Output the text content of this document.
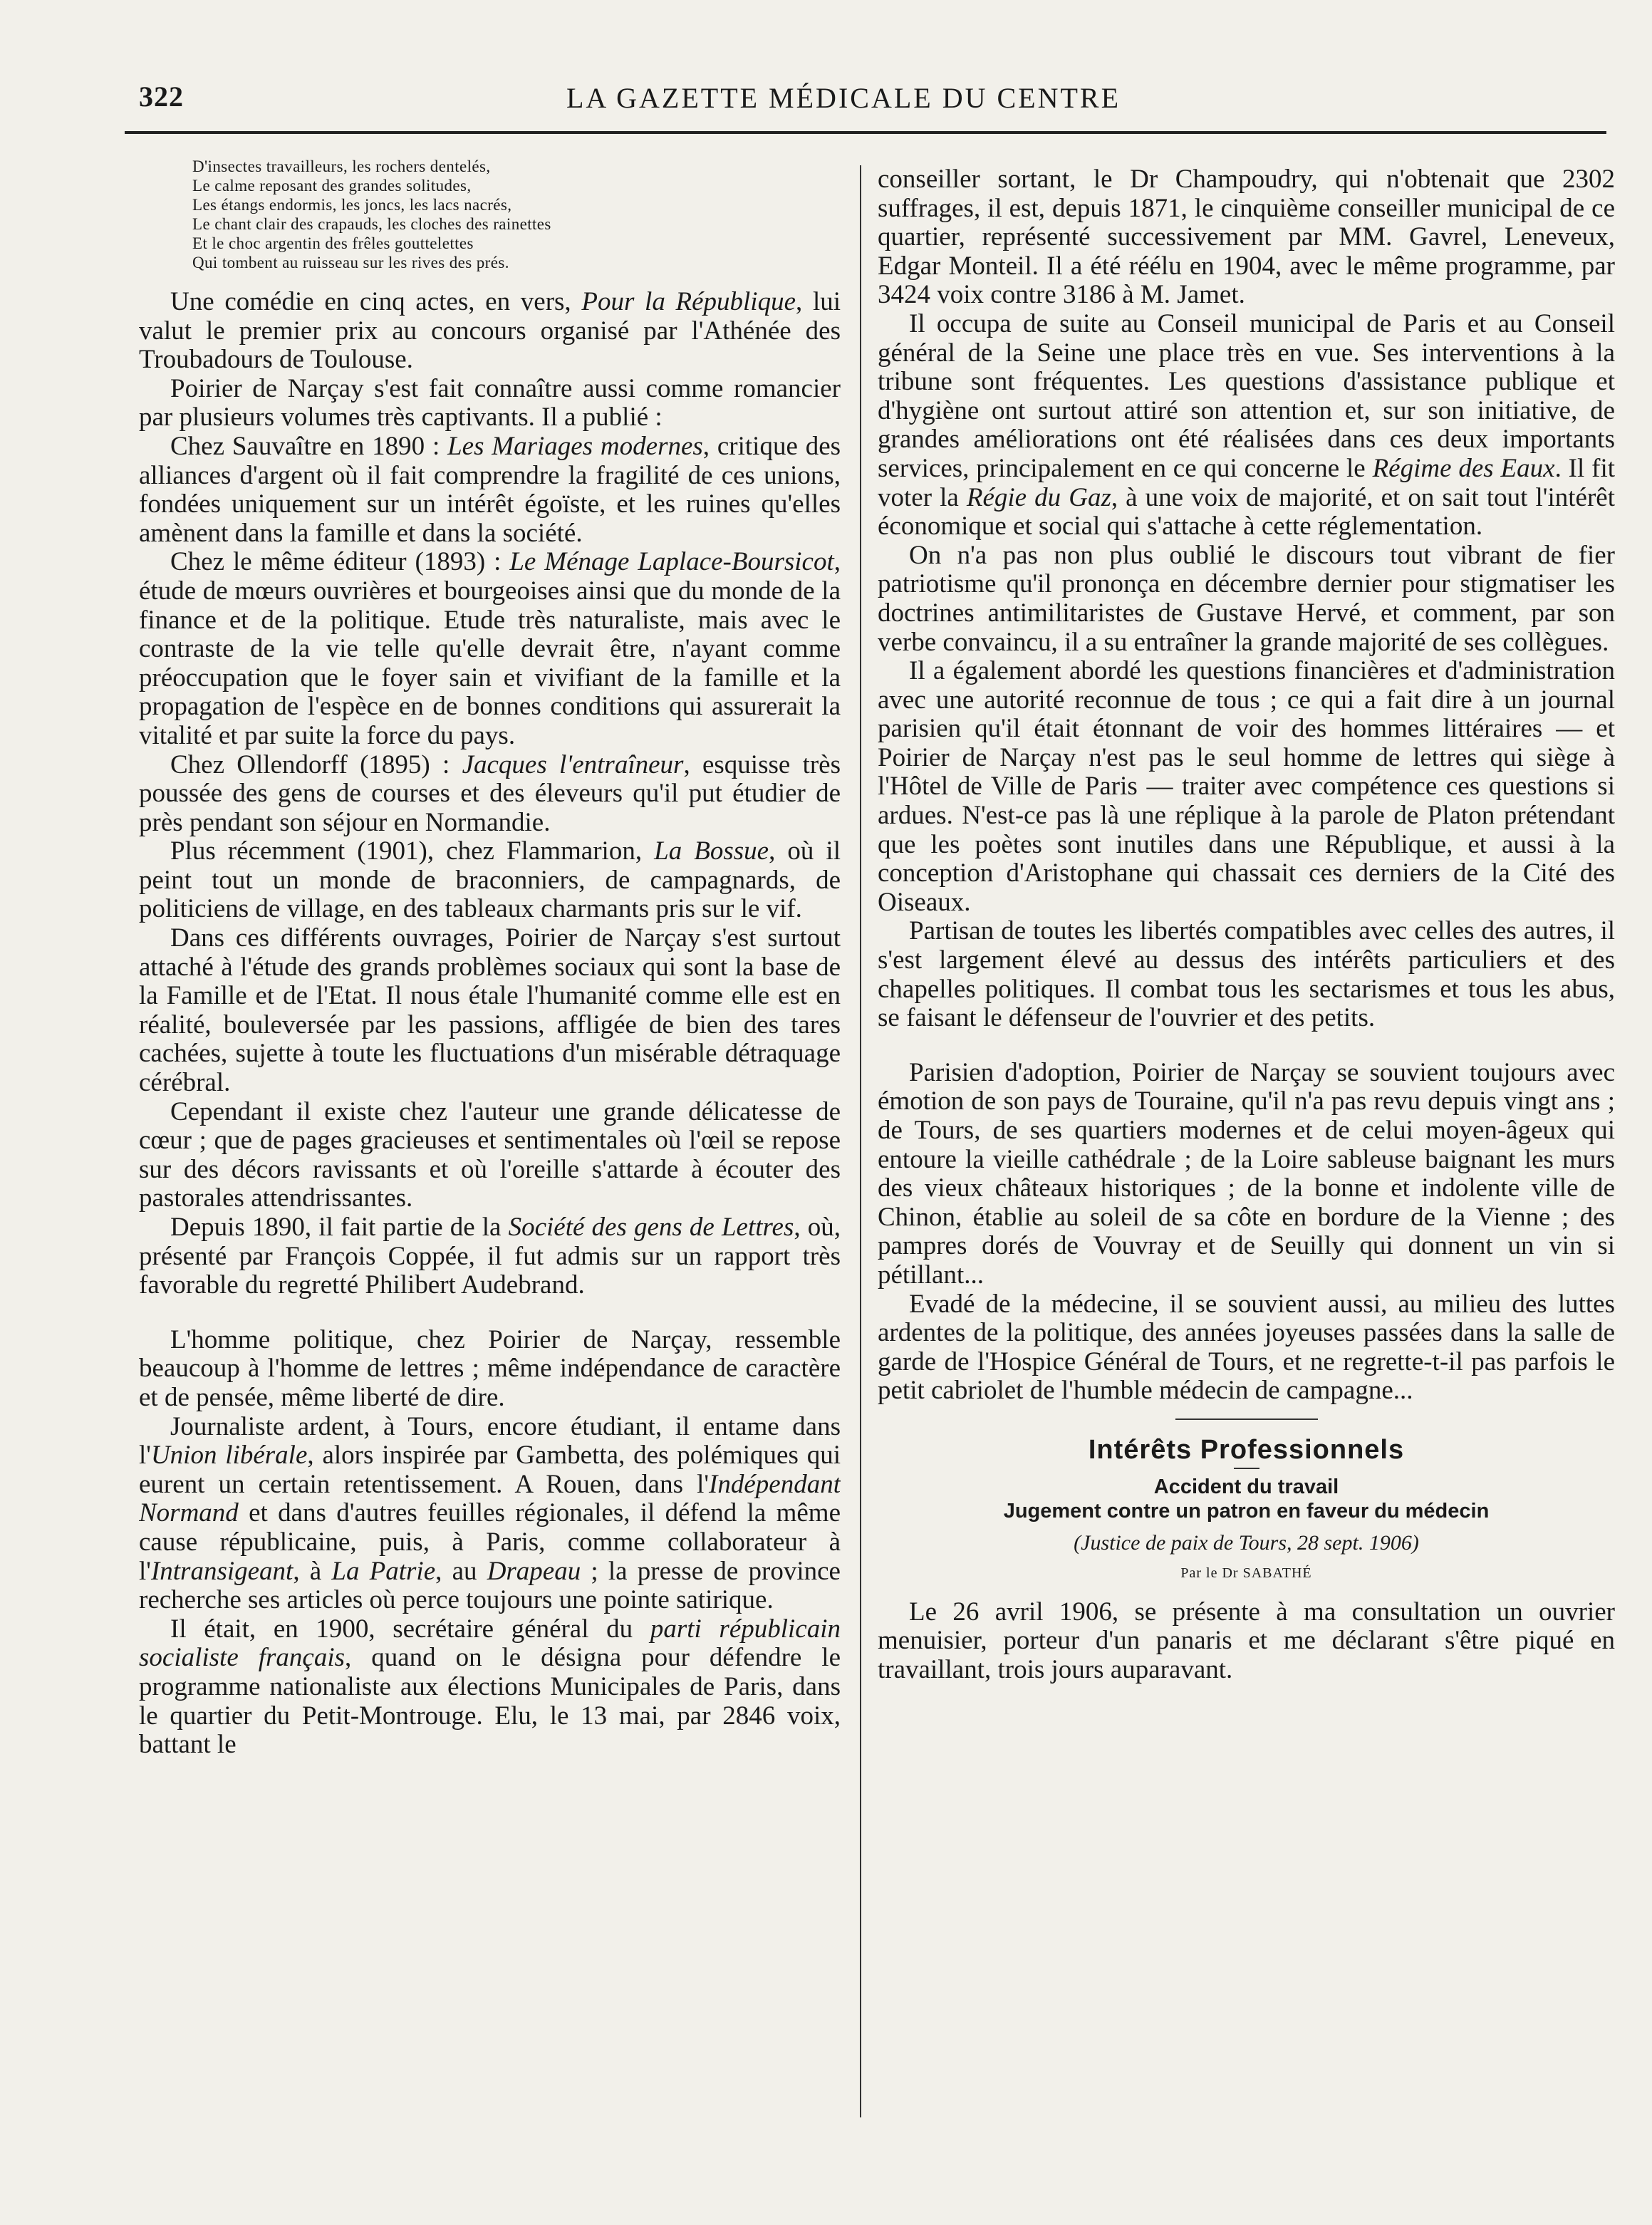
322	LA GAZETTE MÉDICALE DU CENTRE
D'insectes travailleurs, les rochers dentelés,
Le calme reposant des grandes solitudes,
Les étangs endormis, les joncs, les lacs nacrés,
Le chant clair des crapauds, les cloches des rainettes
Et le choc argentin des frêles gouttelettes
Qui tombent au ruisseau sur les rives des prés.

Une comédie en cinq actes, en vers, Pour la République, lui valut le premier prix au concours organisé par l'Athénée des Troubadours de Toulouse.

Poirier de Narçay s'est fait connaître aussi comme romancier par plusieurs volumes très captivants. Il a publié :

Chez Sauvaître en 1890 : Les Mariages modernes, critique des alliances d'argent où il fait comprendre la fragilité de ces unions, fondées uniquement sur un intérêt égoïste, et les ruines qu'elles amènent dans la famille et dans la société.

Chez le même éditeur (1893) : Le Ménage Laplace-Boursicot, étude de mœurs ouvrières et bourgeoises ainsi que du monde de la finance et de la politique. Etude très naturaliste, mais avec le contraste de la vie telle qu'elle devrait être, n'ayant comme préoccupation que le foyer sain et vivifiant de la famille et la propagation de l'espèce en de bonnes conditions qui assurerait la vitalité et par suite la force du pays.

Chez Ollendorff (1895) : Jacques l'entraîneur, esquisse très poussée des gens de courses et des éleveurs qu'il put étudier de près pendant son séjour en Normandie.

Plus récemment (1901), chez Flammarion, La Bossue, où il peint tout un monde de braconniers, de campagnards, de politiciens de village, en des tableaux charmants pris sur le vif.

Dans ces différents ouvrages, Poirier de Narçay s'est surtout attaché à l'étude des grands problèmes sociaux qui sont la base de la Famille et de l'Etat. Il nous étale l'humanité comme elle est en réalité, bouleversée par les passions, affligée de bien des tares cachées, sujette à toute les fluctuations d'un misérable détraquage cérébral.

Cependant il existe chez l'auteur une grande délicatesse de cœur ; que de pages gracieuses et sentimentales où l'œil se repose sur des décors ravissants et où l'oreille s'attarde à écouter des pastorales attendrissantes.

Depuis 1890, il fait partie de la Société des gens de Lettres, où, présenté par François Coppée, il fut admis sur un rapport très favorable du regretté Philibert Audebrand.

L'homme politique, chez Poirier de Narçay, ressemble beaucoup à l'homme de lettres ; même indépendance de caractère et de pensée, même liberté de dire.

Journaliste ardent, à Tours, encore étudiant, il entame dans l'Union libérale, alors inspirée par Gambetta, des polémiques qui eurent un certain retentissement. A Rouen, dans l'Indépendant Normand et dans d'autres feuilles régionales, il défend la même cause républicaine, puis, à Paris, comme collaborateur à l'Intransigeant, à La Patrie, au Drapeau ; la presse de province recherche ses articles où perce toujours une pointe satirique.

Il était, en 1900, secrétaire général du parti républicain socialiste français, quand on le désigna pour défendre le programme nationaliste aux élections Municipales de Paris, dans le quartier du Petit-Montrouge. Elu, le 13 mai, par 2846 voix, battant le

conseiller sortant, le Dr Champoudry, qui n'obtenait que 2302 suffrages, il est, depuis 1871, le cinquième conseiller municipal de ce quartier, représenté successivement par MM. Gavrel, Leneveux, Edgar Monteil. Il a été réélu en 1904, avec le même programme, par 3424 voix contre 3186 à M. Jamet.

Il occupa de suite au Conseil municipal de Paris et au Conseil général de la Seine une place très en vue. Ses interventions à la tribune sont fréquentes. Les questions d'assistance publique et d'hygiène ont surtout attiré son attention et, sur son initiative, de grandes améliorations ont été réalisées dans ces deux importants services, principalement en ce qui concerne le Régime des Eaux. Il fit voter la Régie du Gaz, à une voix de majorité, et on sait tout l'intérêt économique et social qui s'attache à cette réglementation.

On n'a pas non plus oublié le discours tout vibrant de fier patriotisme qu'il prononça en décembre dernier pour stigmatiser les doctrines antimilitaristes de Gustave Hervé, et comment, par son verbe convaincu, il a su entraîner la grande majorité de ses collègues.

Il a également abordé les questions financières et d'administration avec une autorité reconnue de tous ; ce qui a fait dire à un journal parisien qu'il était étonnant de voir des hommes littéraires — et Poirier de Narçay n'est pas le seul homme de lettres qui siège à l'Hôtel de Ville de Paris — traiter avec compétence ces questions si ardues. N'est-ce pas là une réplique à la parole de Platon prétendant que les poètes sont inutiles dans une République, et aussi à la conception d'Aristophane qui chassait ces derniers de la Cité des Oiseaux.

Partisan de toutes les libertés compatibles avec celles des autres, il s'est largement élevé au dessus des intérêts particuliers et des chapelles politiques. Il combat tous les sectarismes et tous les abus, se faisant le défenseur de l'ouvrier et des petits.

Parisien d'adoption, Poirier de Narçay se souvient toujours avec émotion de son pays de Touraine, qu'il n'a pas revu depuis vingt ans ; de Tours, de ses quartiers modernes et de celui moyen-âgeux qui entoure la vieille cathédrale ; de la Loire sableuse baignant les murs des vieux châteaux historiques ; de la bonne et indolente ville de Chinon, établie au soleil de sa côte en bordure de la Vienne ; des pampres dorés de Vouvray et de Seuilly qui donnent un vin si pétillant...

Evadé de la médecine, il se souvient aussi, au milieu des luttes ardentes de la politique, des années joyeuses passées dans la salle de garde de l'Hospice Général de Tours, et ne regrette-t-il pas parfois le petit cabriolet de l'humble médecin de campagne...

Intérêts Professionnels
Accident du travail
Jugement contre un patron en faveur du médecin
(Justice de paix de Tours, 28 sept. 1906)
Par le Dr SABATHÉ

Le 26 avril 1906, se présente à ma consultation un ouvrier menuisier, porteur d'un panaris et me déclarant s'être piqué en travaillant, trois jours auparavant.
